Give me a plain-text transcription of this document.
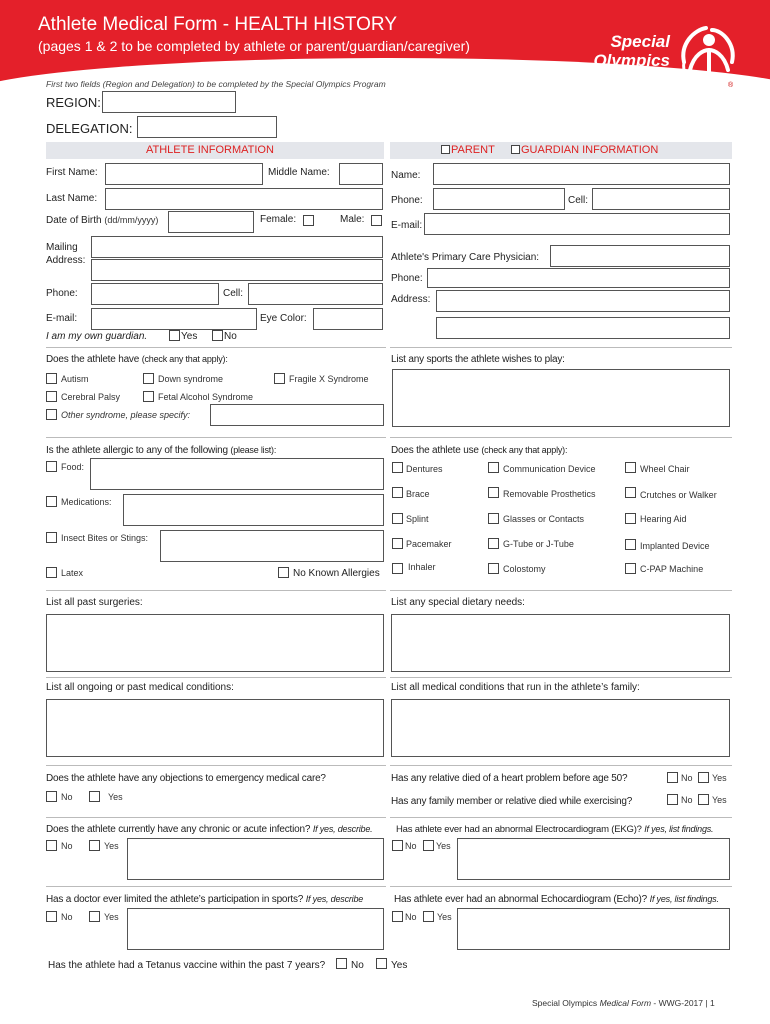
Athlete Medical Form - HEALTH HISTORY
(pages 1 & 2 to be completed by athlete or parent/guardian/caregiver)	Special
Olympics
®
First two fields (Region and Delegation) to be completed by the Special Olympics Program
REGION:
DELEGATION:
ATHLETE INFORMATION	PARENT GUARDIAN INFORMATION
First Name:	Middle Name:
Last Name:
Date of Birth (dd/mm/yyyy)	Female:	Male:
Mailing
Address:
Phone:	Cell:
E-mail:	Eye Color:
I am my own guardian.	Yes	No
Name:
Phone:	Cell:
E-mail:
Athlete's Primary Care Physician:
Phone:
Address:
Does the athlete have (check any that apply):
Autism	Down syndrome	Fragile X Syndrome
Cerebral Palsy	Fetal Alcohol Syndrome
Other syndrome, please specify:
List any sports the athlete wishes to play:
Is the athlete allergic to any of the following (please list):
Food:
Medications:
Insect Bites or Stings:
Latex	No Known Allergies
Does the athlete use (check any that apply):
Dentures	Communication Device	Wheel Chair
Brace	Removable Prosthetics	Crutches or Walker
Splint	Glasses or Contacts	Hearing Aid
Pacemaker	G-Tube or J-Tube	Implanted Device
Inhaler	Colostomy	C-PAP Machine
List all past surgeries:	List any special dietary needs:
List all ongoing or past medical conditions:	List all medical conditions that run in the athlete’s family:
Does the athlete have any objections to emergency medical care?
No	Yes
Has any relative died of a heart problem before age 50?	No Yes
Has any family member or relative died while exercising?	No Yes
Does the athlete currently have any chronic or acute infection? If yes, describe.
No	Yes
Has athlete ever had an abnormal Electrocardiogram (EKG)? If yes, list findings.
No Yes
Has a doctor ever limited the athlete’s participation in sports? If yes, describe
No	Yes
Has athlete ever had an abnormal Echocardiogram (Echo)? If yes, list findings.
No Yes
Has the athlete had a Tetanus vaccine within the past 7 years?	No	Yes
Special Olympics Medical Form - WWG-2017 | 1
